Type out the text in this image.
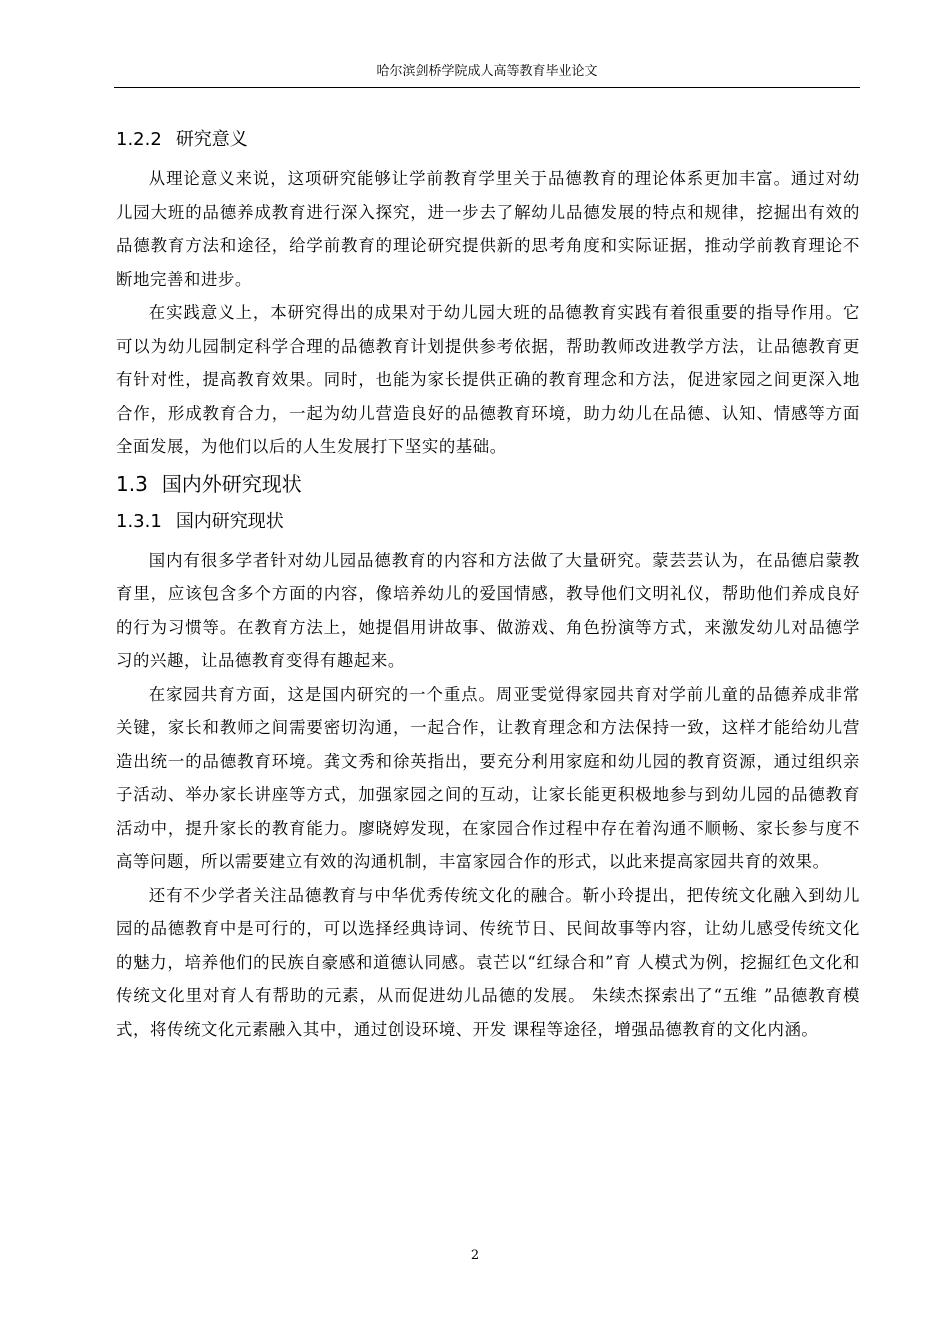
哈尔滨剑桥学院成人高等教育毕业论文
1.2.2 研究意义

从理论意义来说，这项研究能够让学前教育学里关于品德教育的理论体系更加丰富。通过对幼儿园大班的品德养成教育进行深入探究，进一步去了解幼儿品德发展的特点和规律，挖掘出有效的品德教育方法和途径，给学前教育的理论研究提供新的思考角度和实际证据，推动学前教育理论不断地完善和进步。

在实践意义上，本研究得出的成果对于幼儿园大班的品德教育实践有着很重要的指导作用。它可以为幼儿园制定科学合理的品德教育计划提供参考依据，帮助教师改进教学方法，让品德教育更有针对性，提高教育效果。同时，也能为家长提供正确的教育理念和方法，促进家园之间更深入地合作，形成教育合力，一起为幼儿营造良好的品德教育环境，助力幼儿在品德、认知、情感等方面全面发展，为他们以后的人生发展打下坚实的基础。

1.3 国内外研究现状
1.3.1 国内研究现状

国内有很多学者针对幼儿园品德教育的内容和方法做了大量研究。蒙芸芸认为，在品德启蒙教育里，应该包含多个方面的内容，像培养幼儿的爱国情感，教导他们文明礼仪，帮助他们养成良好的行为习惯等。在教育方法上，她提倡用讲故事、做游戏、角色扮演等方式，来激发幼儿对品德学习的兴趣，让品德教育变得有趣起来。

在家园共育方面，这是国内研究的一个重点。周亚雯觉得家园共育对学前儿童的品德养成非常关键，家长和教师之间需要密切沟通，一起合作，让教育理念和方法保持一致，这样才能给幼儿营造出统一的品德教育环境。龚文秀和徐英指出，要充分利用家庭和幼儿园的教育资源，通过组织亲子活动、举办家长讲座等方式，加强家园之间的互动，让家长能更积极地参与到幼儿园的品德教育活动中，提升家长的教育能力。廖晓婷发现，在家园合作过程中存在着沟通不顺畅、家长参与度不高等问题，所以需要建立有效的沟通机制，丰富家园合作的形式，以此来提高家园共育的效果。

还有不少学者关注品德教育与中华优秀传统文化的融合。靳小玲提出，把传统文化融入到幼儿园的品德教育中是可行的，可以选择经典诗词、传统节日、民间故事等内容，让幼儿感受传统文化的魅力，培养他们的民族自豪感和道德认同感。袁芒以“红绿合和”育 人模式为例，挖掘红色文化和传统文化里对育人有帮助的元素，从而促进幼儿品德的发展。 朱续杰探索出了“五维 ”品德教育模式，将传统文化元素融入其中，通过创设环境、开发 课程等途径，增强品德教育的文化内涵。

2
